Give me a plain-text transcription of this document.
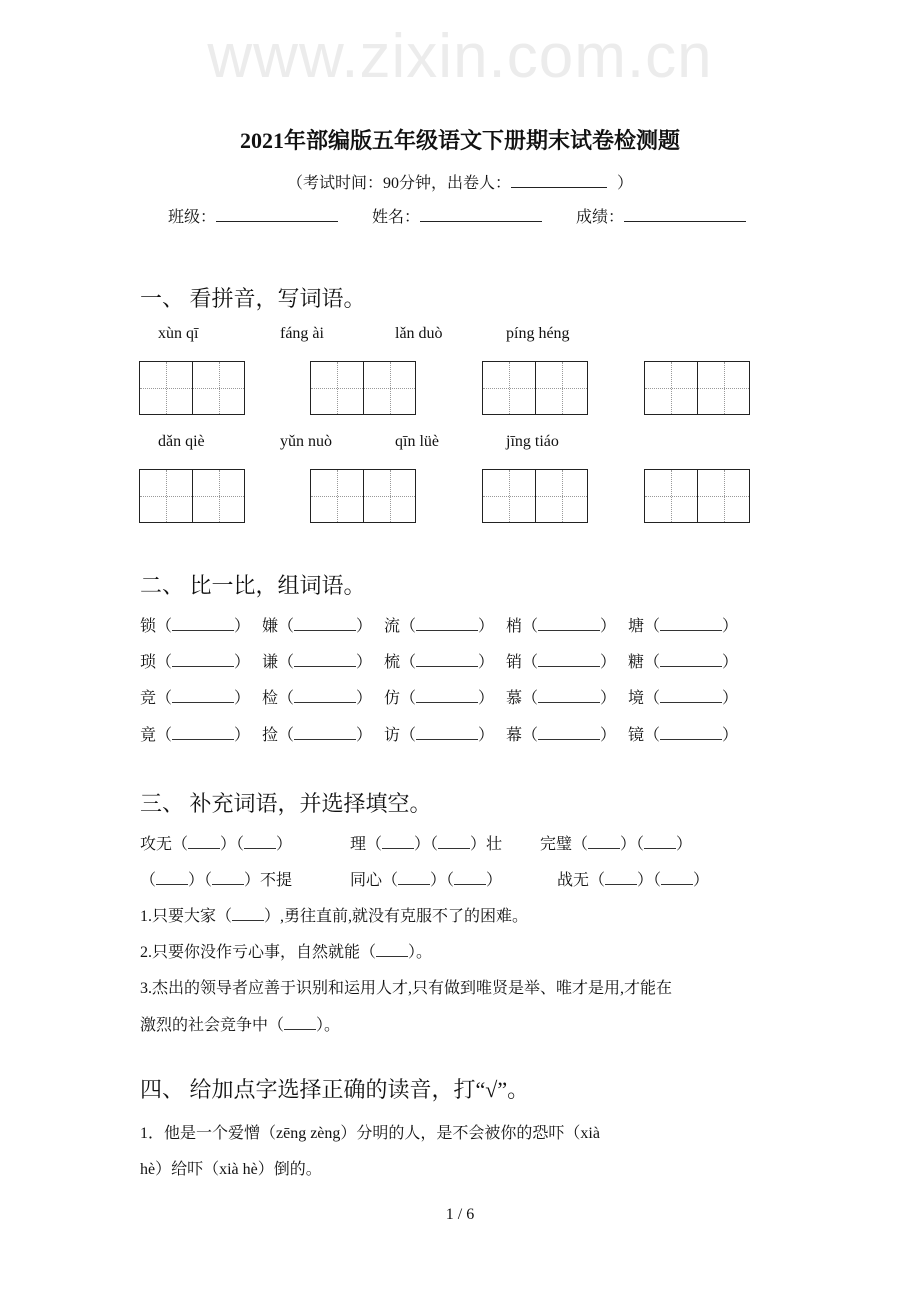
www.zixin.com.cn
2021年部编版五年级语文下册期末试卷检测题
（考试时间：90分钟，出卷人：	）
班级：	姓名：	成绩：
一、 看拼音，写词语。
xùn qī	fáng ài	lǎn duò	píng héng
dǎn qiè	yǔn nuò	qīn lüè	jīng tiáo
二、 比一比，组词语。
锁（	） 嫌（	） 流（	） 梢（	） 塘（	）
琐（	） 谦（	） 梳（	） 销（	） 糖（	）
竞（	） 检（	） 仿（	） 慕（	） 境（	）
竟（	） 捡（	） 访（	） 幕（	） 镜（	）
三、 补充词语，并选择填空。
攻无（ ）（ ）	理（ ）（ ）壮 完璧（ ）（ ）
（ ）（ ）不提	同心（ ）（ ）	战无（ ）（ ）
1.只要大家（ ）,勇往直前,就没有克服不了的困难。
2.只要你没作亏心事，自然就能（ ）。
3.杰出的领导者应善于识别和运用人才,只有做到唯贤是举、唯才是用,才能在
激烈的社会竞争中（ ）。
四、 给加点字选择正确的读音，打“√”。
1．他是一个爱憎（zēng zèng）分明的人，是不会被你的恐吓（xià
hè）给吓（xià hè）倒的。
1 / 6
